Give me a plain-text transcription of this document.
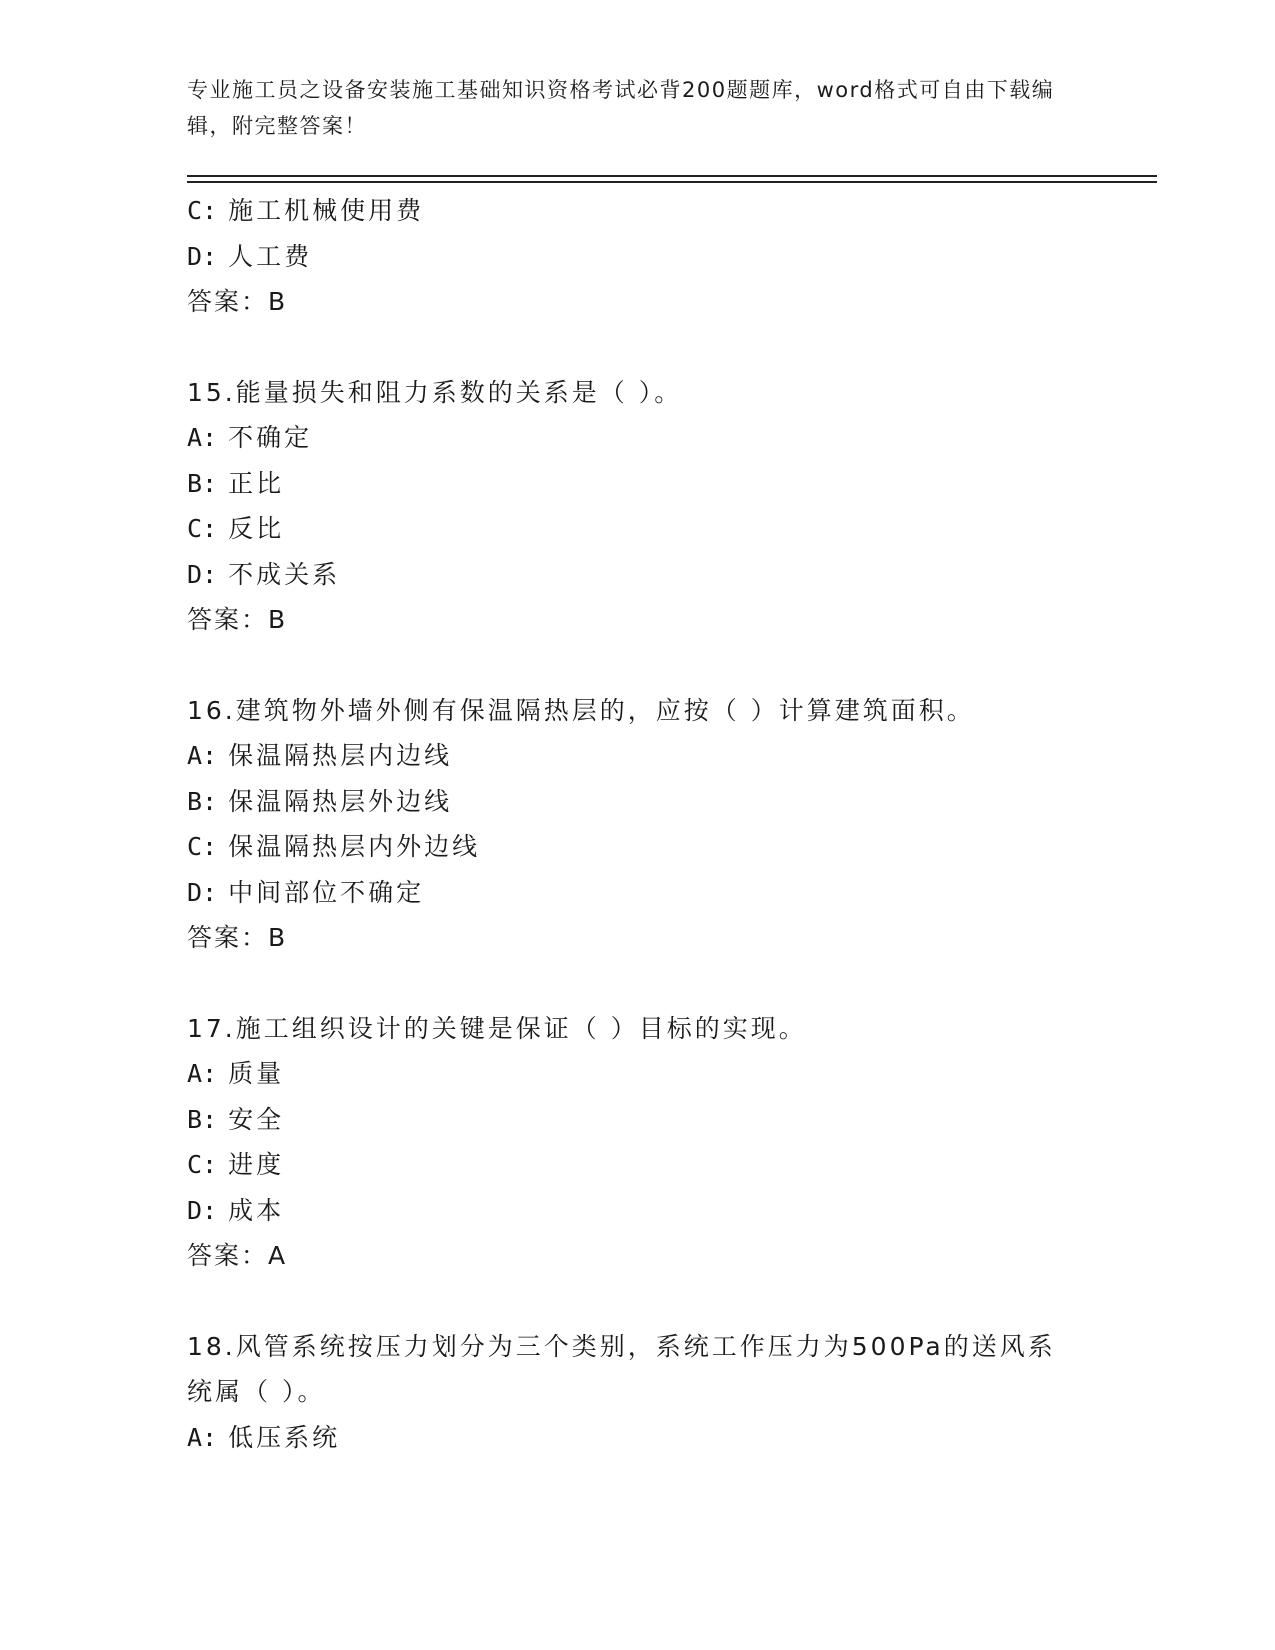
专业施工员之设备安装施工基础知识资格考试必背200题题库，word格式可自由下载编辑，附完整答案！
C: 施工机械使用费
D: 人工费
答案：B
15.能量损失和阻力系数的关系是（ ）。
A: 不确定
B: 正比
C: 反比
D: 不成关系
答案：B
16.建筑物外墙外侧有保温隔热层的，应按（ ）计算建筑面积。
A: 保温隔热层内边线
B: 保温隔热层外边线
C: 保温隔热层内外边线
D: 中间部位不确定
答案：B
17.施工组织设计的关键是保证（ ）目标的实现。
A: 质量
B: 安全
C: 进度
D: 成本
答案：A
18.风管系统按压力划分为三个类别，系统工作压力为500Pa的送风系统属（ ）。
A: 低压系统
